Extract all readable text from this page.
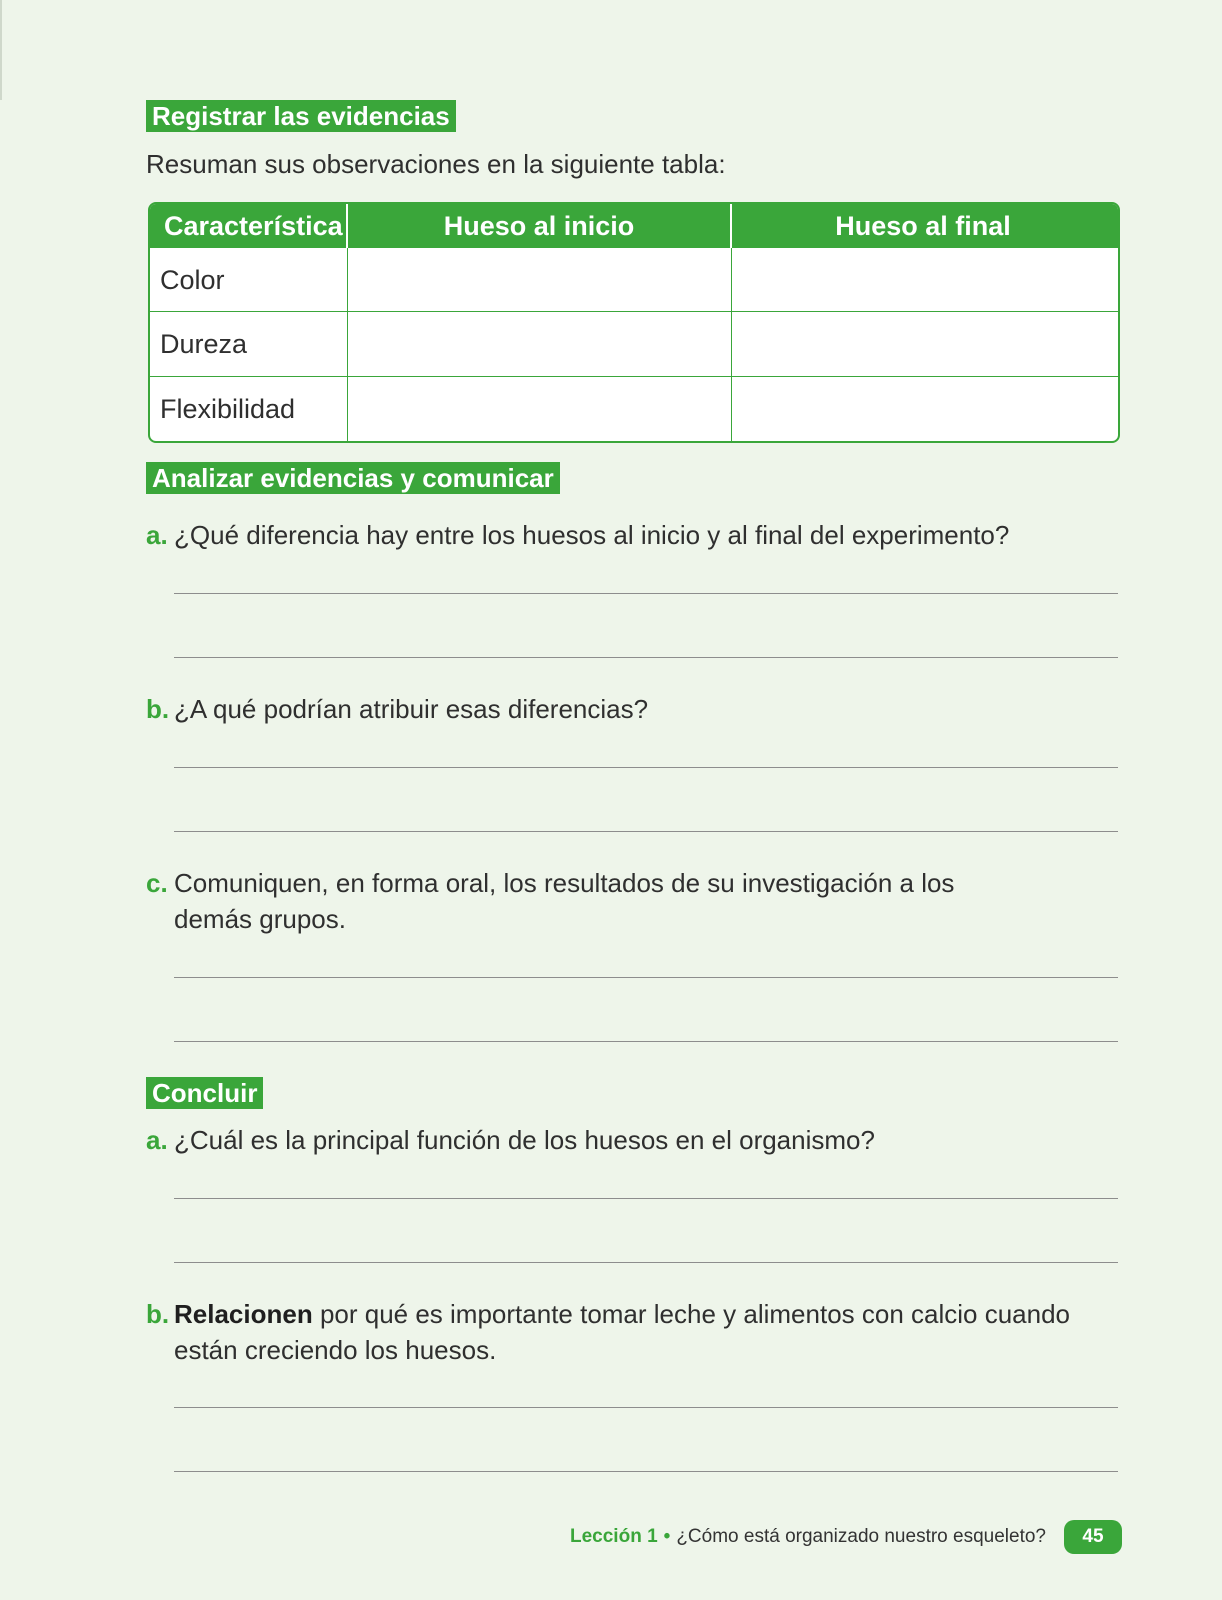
Registrar las evidencias
Resuman sus observaciones en la siguiente tabla:
Característica	Hueso al inicio	Hueso al final
Color
Dureza
Flexibilidad
Analizar evidencias y comunicar
a. ¿Qué diferencia hay entre los huesos al inicio y al final del experimento?
b. ¿A qué podrían atribuir esas diferencias?
c. Comuniquen, en forma oral, los resultados de su investigación a los
demás grupos.
Concluir
a. ¿Cuál es la principal función de los huesos en el organismo?
b. Relacionen por qué es importante tomar leche y alimentos con calcio cuando
están creciendo los huesos.
Lección 1 • ¿Cómo está organizado nuestro esqueleto?	45
